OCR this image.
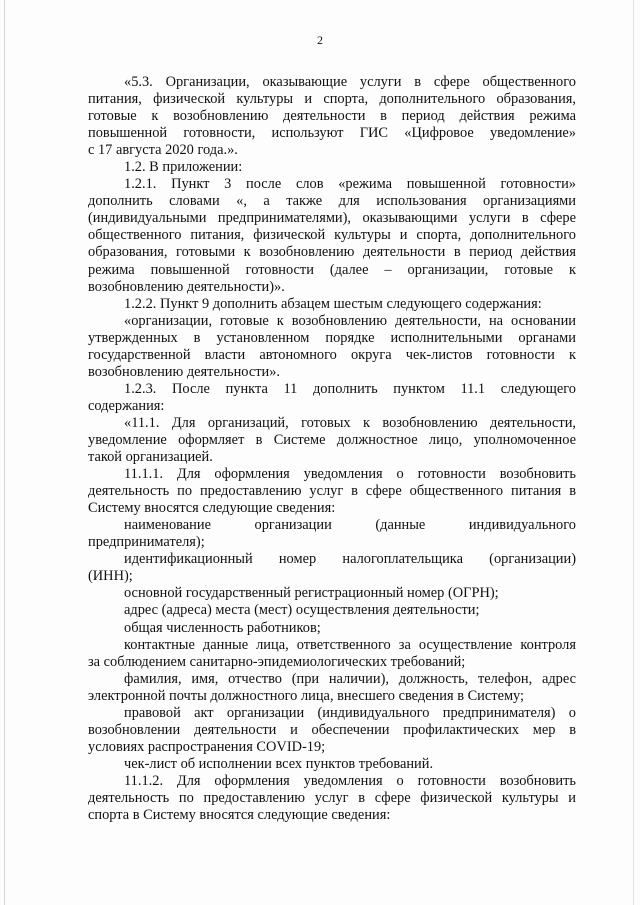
2
«5.3. Организации, оказывающие услуги в сфере общественного
питания, физической культуры и спорта, дополнительного образования,
готовые к возобновлению деятельности в период действия режима
повышенной готовности, используют ГИС «Цифровое уведомление»
с 17 августа 2020 года.».
1.2. В приложении:
1.2.1. Пункт 3 после слов «режима повышенной готовности»
дополнить словами «, а также для использования организациями
(индивидуальными предпринимателями), оказывающими услуги в сфере
общественного питания, физической культуры и спорта, дополнительного
образования, готовыми к возобновлению деятельности в период действия
режима повышенной готовности (далее – организации, готовые к
возобновлению деятельности)».
1.2.2. Пункт 9 дополнить абзацем шестым следующего содержания:
«организации, готовые к возобновлению деятельности, на основании
утвержденных в установленном порядке исполнительными органами
государственной власти автономного округа чек-листов готовности к
возобновлению деятельности».
1.2.3. После пункта 11 дополнить пунктом 11.1 следующего
содержания:
«11.1. Для организаций, готовых к возобновлению деятельности,
уведомление оформляет в Системе должностное лицо, уполномоченное
такой организацией.
11.1.1. Для оформления уведомления о готовности возобновить
деятельность по предоставлению услуг в сфере общественного питания в
Систему вносятся следующие сведения:
наименование организации (данные индивидуального
предпринимателя);
идентификационный номер налогоплательщика (организации)
(ИНН);
основной государственный регистрационный номер (ОГРН);
адрес (адреса) места (мест) осуществления деятельности;
общая численность работников;
контактные данные лица, ответственного за осуществление контроля
за соблюдением санитарно-эпидемиологических требований;
фамилия, имя, отчество (при наличии), должность, телефон, адрес
электронной почты должностного лица, внесшего сведения в Систему;
правовой акт организации (индивидуального предпринимателя) о
возобновлении деятельности и обеспечении профилактических мер в
условиях распространения COVID-19;
чек-лист об исполнении всех пунктов требований.
11.1.2. Для оформления уведомления о готовности возобновить
деятельность по предоставлению услуг в сфере физической культуры и
спорта в Систему вносятся следующие сведения:
